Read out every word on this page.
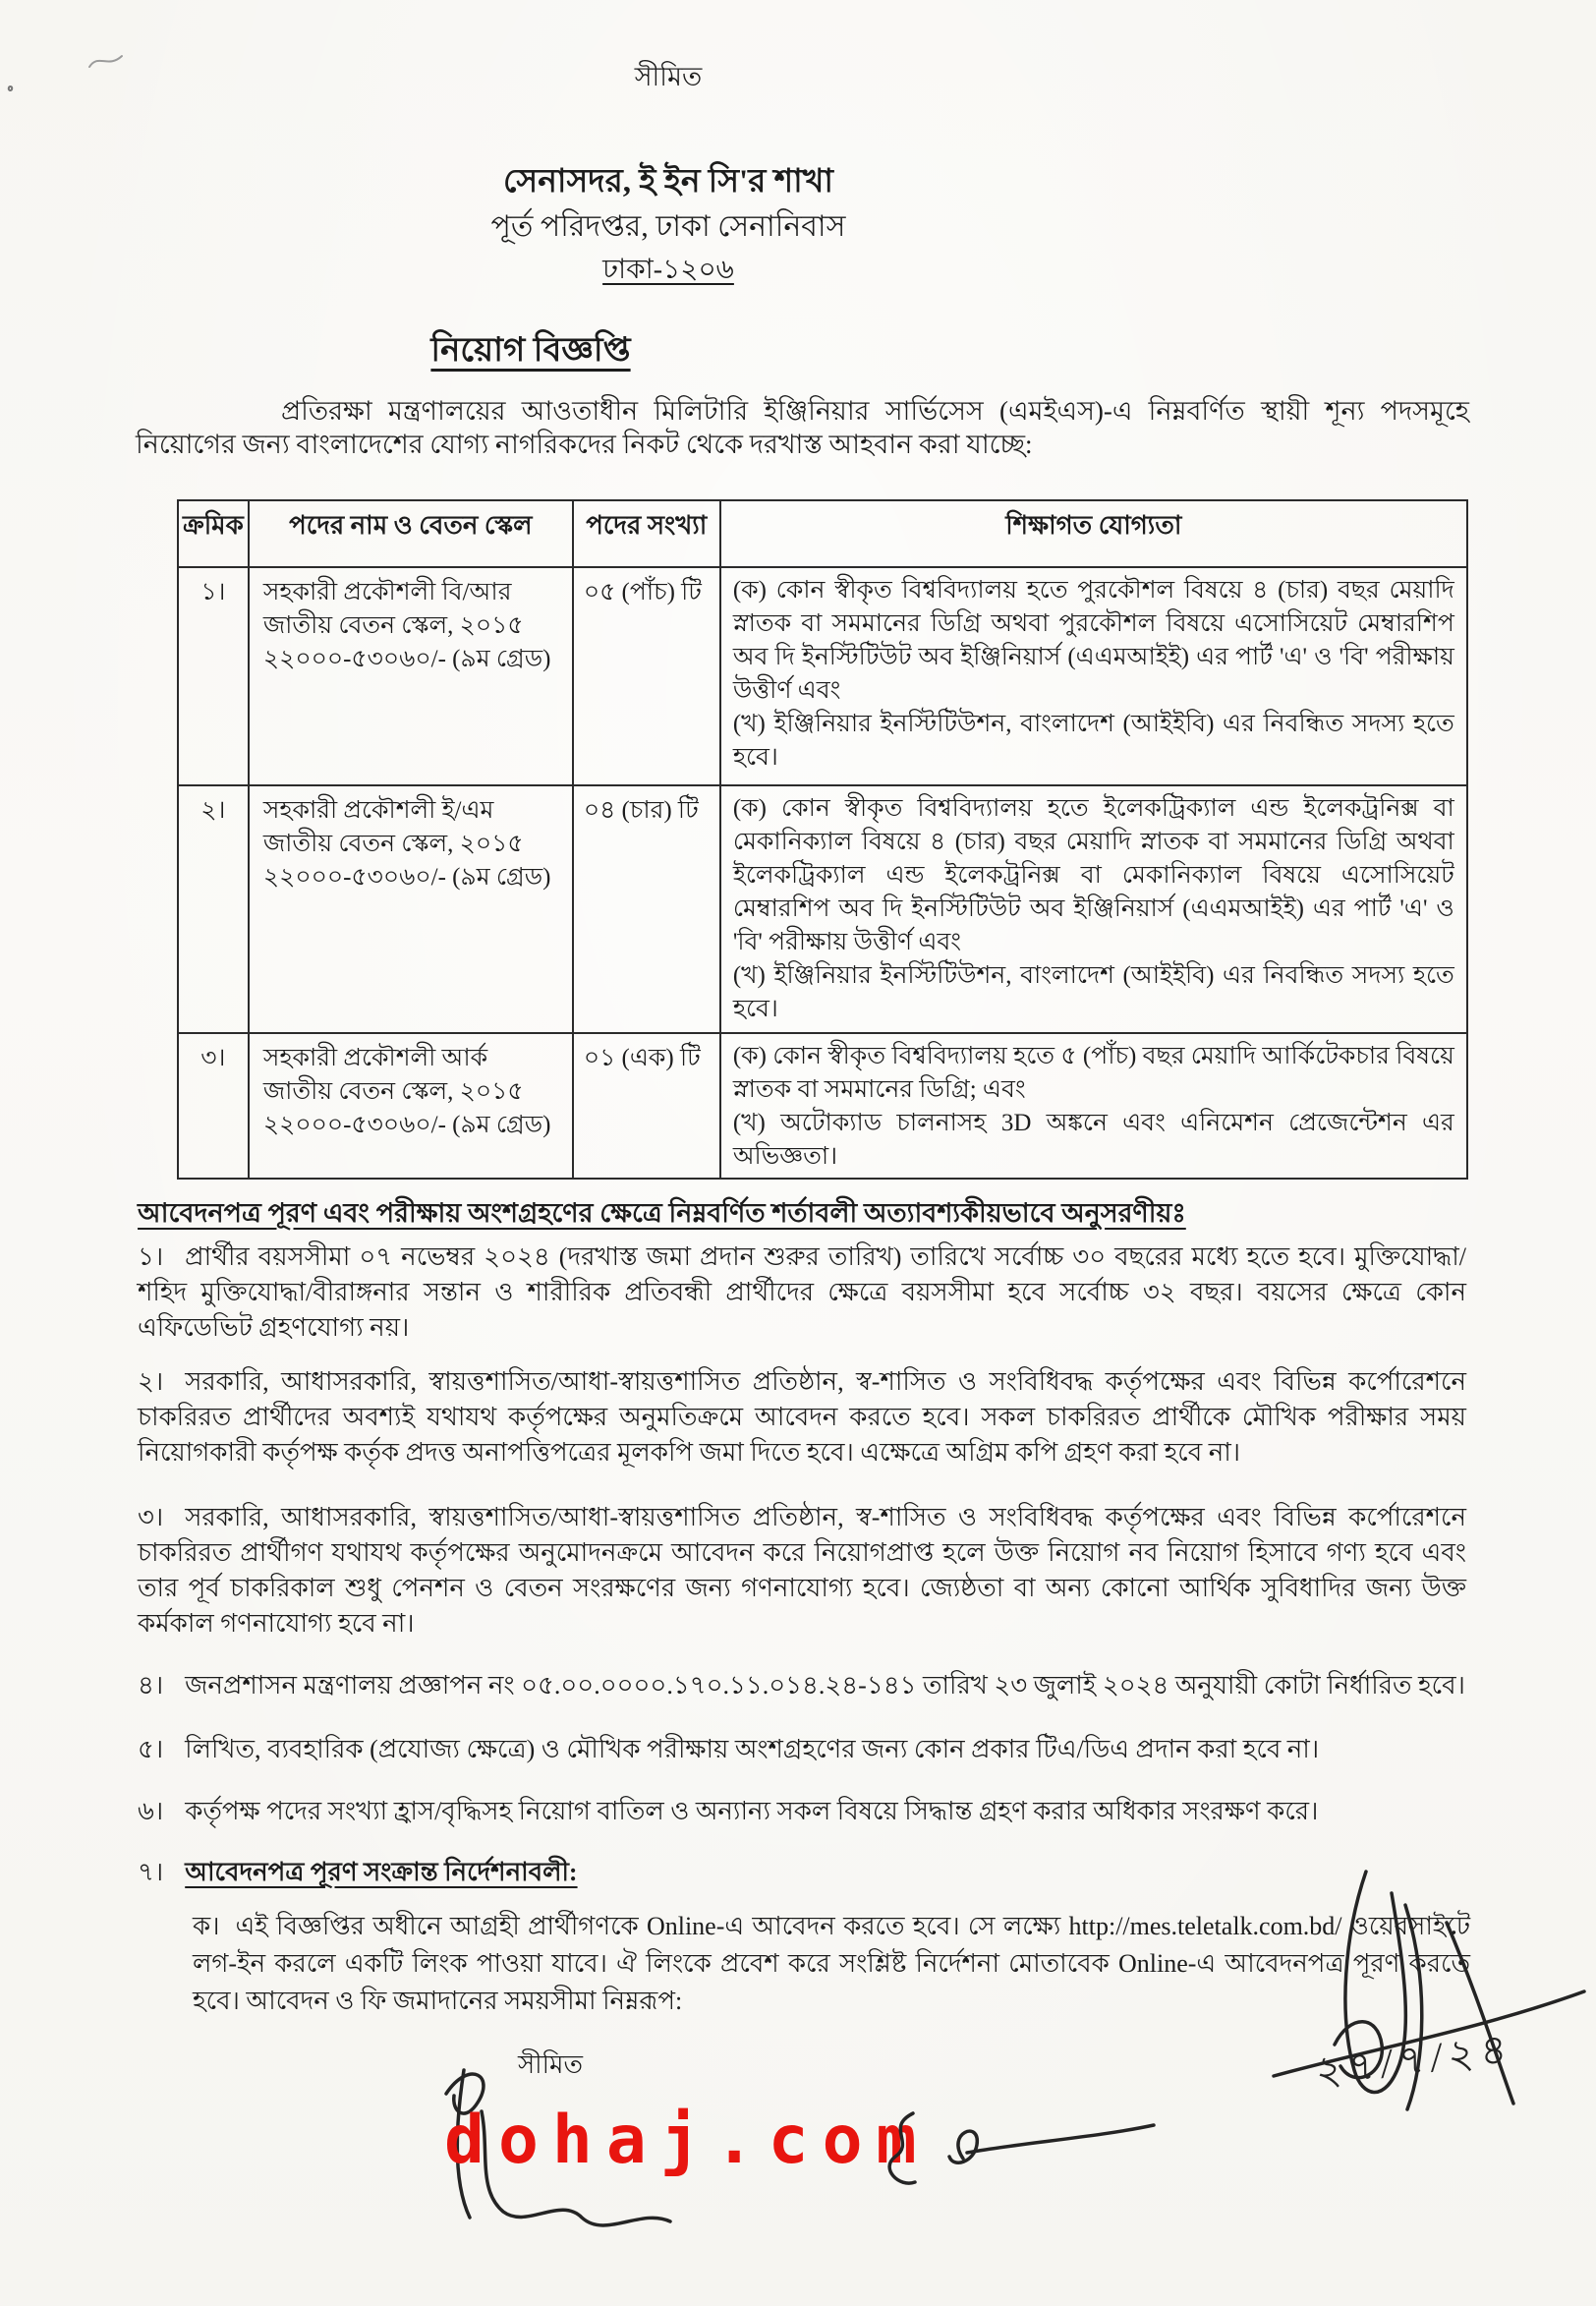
সীমিত
সেনাসদর, ই ইন সি'র শাখা
পূর্ত পরিদপ্তর, ঢাকা সেনানিবাস
ঢাকা-১২০৬
নিয়োগ বিজ্ঞপ্তি
প্রতিরক্ষা মন্ত্রণালয়ের আওতাধীন মিলিটারি ইঞ্জিনিয়ার সার্ভিসেস (এমইএস)-এ নিম্নবর্ণিত স্থায়ী শূন্য পদসমূহে নিয়োগের জন্য বাংলাদেশের যোগ্য নাগরিকদের নিকট থেকে দরখাস্ত আহবান করা যাচ্ছে:
ক্রমিক	পদের নাম ও বেতন স্কেল	পদের সংখ্যা	শিক্ষাগত যোগ্যতা
১।	সহকারী প্রকৌশলী বি/আর
জাতীয় বেতন স্কেল, ২০১৫
২২০০০-৫৩০৬০/- (৯ম গ্রেড)
	০৫ (পাঁচ) টি	(ক) কোন স্বীকৃত বিশ্ববিদ্যালয় হতে পুরকৌশল বিষয়ে ৪ (চার) বছর মেয়াদি স্নাতক বা সমমানের ডিগ্রি অথবা পুরকৌশল বিষয়ে এসোসিয়েট মেম্বারশিপ অব দি ইনস্টিটিউট অব ইঞ্জিনিয়ার্স (এএমআইই) এর পার্ট 'এ' ও 'বি' পরীক্ষায় উত্তীর্ণ এবং
(খ) ইঞ্জিনিয়ার ইনস্টিটিউশন, বাংলাদেশ (আইইবি) এর নিবন্ধিত সদস্য হতে হবে।

২।	সহকারী প্রকৌশলী ই/এম
জাতীয় বেতন স্কেল, ২০১৫
২২০০০-৫৩০৬০/- (৯ম গ্রেড)
	০৪ (চার) টি	(ক) কোন স্বীকৃত বিশ্ববিদ্যালয় হতে ইলেকট্রিক্যাল এন্ড ইলেকট্রনিক্স বা মেকানিক্যাল বিষয়ে ৪ (চার) বছর মেয়াদি স্নাতক বা সমমানের ডিগ্রি অথবা ইলেকট্রিক্যাল এন্ড ইলেকট্রনিক্স বা মেকানিক্যাল বিষয়ে এসোসিয়েট মেম্বারশিপ অব দি ইনস্টিটিউট অব ইঞ্জিনিয়ার্স (এএমআইই) এর পার্ট 'এ' ও 'বি' পরীক্ষায় উত্তীর্ণ এবং
(খ) ইঞ্জিনিয়ার ইনস্টিটিউশন, বাংলাদেশ (আইইবি) এর নিবন্ধিত সদস্য হতে হবে।

৩।	সহকারী প্রকৌশলী আর্ক
জাতীয় বেতন স্কেল, ২০১৫
২২০০০-৫৩০৬০/- (৯ম গ্রেড)
	০১ (এক) টি	(ক) কোন স্বীকৃত বিশ্ববিদ্যালয় হতে ৫ (পাঁচ) বছর মেয়াদি আর্কিটেকচার বিষয়ে স্নাতক বা সমমানের ডিগ্রি; এবং
(খ) অটোক্যাড চালনাসহ 3D অঙ্কনে এবং এনিমেশন প্রেজেন্টেশন এর অভিজ্ঞতা।
আবেদনপত্র পূরণ এবং পরীক্ষায় অংশগ্রহণের ক্ষেত্রে নিম্নবর্ণিত শর্তাবলী অত্যাবশ্যকীয়ভাবে অনুসরণীয়ঃ

১। প্রার্থীর বয়সসীমা ০৭ নভেম্বর ২০২৪ (দরখাস্ত জমা প্রদান শুরুর তারিখ) তারিখে সর্বোচ্চ ৩০ বছরের মধ্যে হতে হবে। মুক্তিযোদ্ধা/শহিদ মুক্তিযোদ্ধা/বীরাঙ্গনার সন্তান ও শারীরিক প্রতিবন্ধী প্রার্থীদের ক্ষেত্রে বয়সসীমা হবে সর্বোচ্চ ৩২ বছর। বয়সের ক্ষেত্রে কোন এফিডেভিট গ্রহণযোগ্য নয়।

২। সরকারি, আধাসরকারি, স্বায়ত্তশাসিত/আধা-স্বায়ত্তশাসিত প্রতিষ্ঠান, স্ব-শাসিত ও সংবিধিবদ্ধ কর্তৃপক্ষের এবং বিভিন্ন কর্পোরেশনে চাকরিরত প্রার্থীদের অবশ্যই যথাযথ কর্তৃপক্ষের অনুমতিক্রমে আবেদন করতে হবে। সকল চাকরিরত প্রার্থীকে মৌখিক পরীক্ষার সময় নিয়োগকারী কর্তৃপক্ষ কর্তৃক প্রদত্ত অনাপত্তিপত্রের মূলকপি জমা দিতে হবে। এক্ষেত্রে অগ্রিম কপি গ্রহণ করা হবে না।

৩। সরকারি, আধাসরকারি, স্বায়ত্তশাসিত/আধা-স্বায়ত্তশাসিত প্রতিষ্ঠান, স্ব-শাসিত ও সংবিধিবদ্ধ কর্তৃপক্ষের এবং বিভিন্ন কর্পোরেশনে চাকরিরত প্রার্থীগণ যথাযথ কর্তৃপক্ষের অনুমোদনক্রমে আবেদন করে নিয়োগপ্রাপ্ত হলে উক্ত নিয়োগ নব নিয়োগ হিসাবে গণ্য হবে এবং তার পূর্ব চাকরিকাল শুধু পেনশন ও বেতন সংরক্ষণের জন্য গণনাযোগ্য হবে। জ্যেষ্ঠতা বা অন্য কোনো আর্থিক সুবিধাদির জন্য উক্ত কর্মকাল গণনাযোগ্য হবে না।

৪। জনপ্রশাসন মন্ত্রণালয় প্রজ্ঞাপন নং ০৫.০০.০০০০.১৭০.১১.০১৪.২৪-১৪১ তারিখ ২৩ জুলাই ২০২৪ অনুযায়ী কোটা নির্ধারিত হবে।

৫। লিখিত, ব্যবহারিক (প্রযোজ্য ক্ষেত্রে) ও মৌখিক পরীক্ষায় অংশগ্রহণের জন্য কোন প্রকার টিএ/ডিএ প্রদান করা হবে না।

৬। কর্তৃপক্ষ পদের সংখ্যা হ্রাস/বৃদ্ধিসহ নিয়োগ বাতিল ও অন্যান্য সকল বিষয়ে সিদ্ধান্ত গ্রহণ করার অধিকার সংরক্ষণ করে।

৭। আবেদনপত্র পূরণ সংক্রান্ত নির্দেশনাবলী:

ক। এই বিজ্ঞপ্তির অধীনে আগ্রহী প্রার্থীগণকে Online-এ আবেদন করতে হবে। সে লক্ষ্যে http://mes.teletalk.com.bd/ ওয়েবসাইটে লগ-ইন করলে একটি লিংক পাওয়া যাবে। ঐ লিংকে প্রবেশ করে সংশ্লিষ্ট নির্দেশনা মোতাবেক Online-এ আবেদনপত্র পূরণ করতে হবে। আবেদন ও ফি জমাদানের সময়সীমা নিম্নরূপ:
সীমিত
dohaj.com
২৭/৭/২৪
